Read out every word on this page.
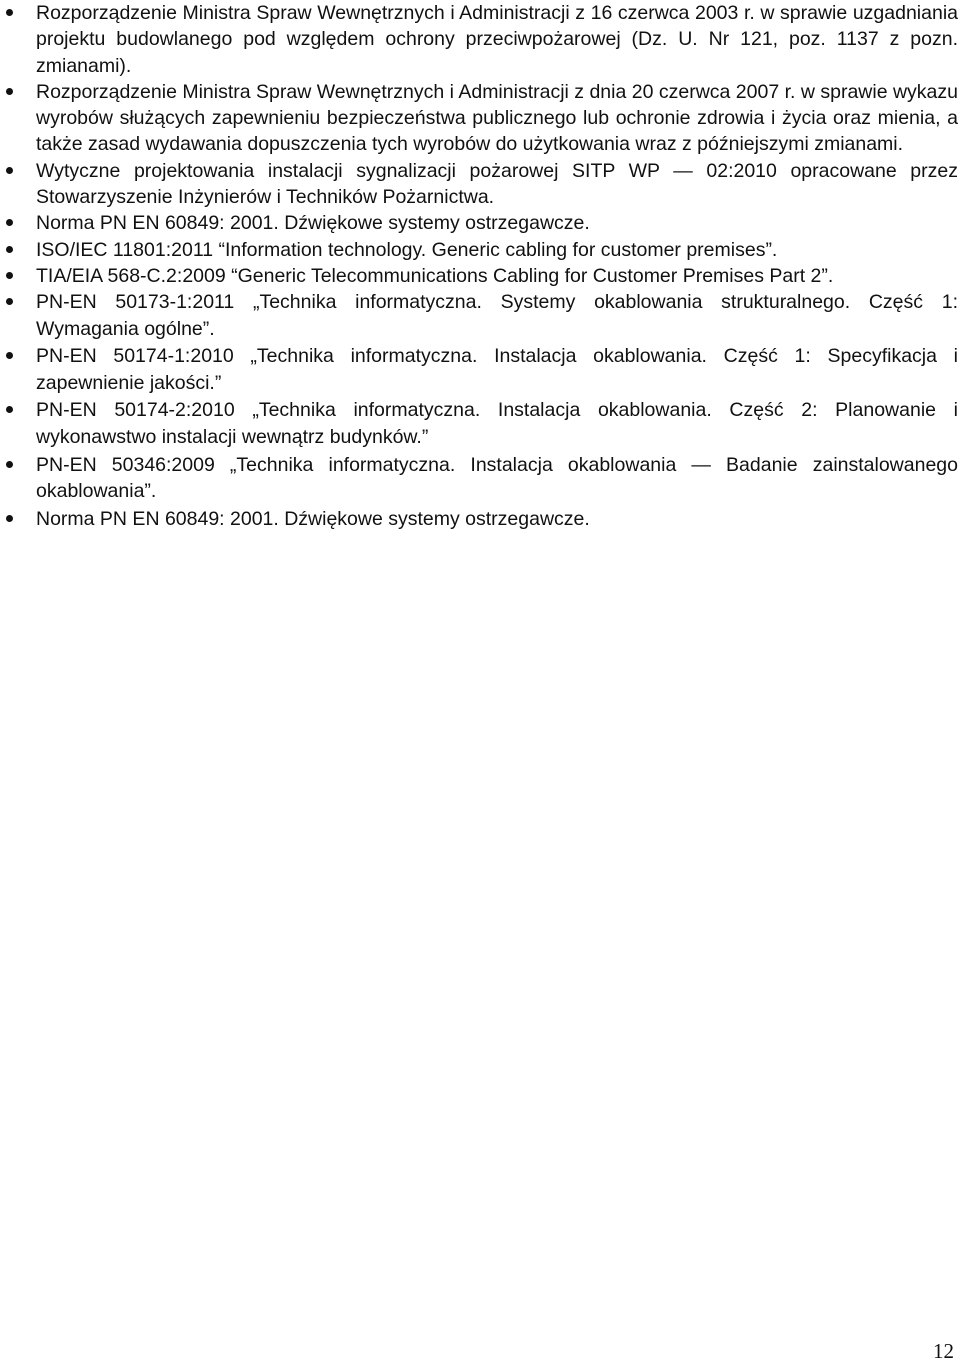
Rozporządzenie Ministra Spraw Wewnętrznych i Administracji z 16 czerwca 2003 r. w sprawie uzgadniania projektu budowlanego pod względem ochrony przeciwpożarowej (Dz. U. Nr 121, poz. 1137 z pozn. zmianami).
Rozporządzenie Ministra Spraw Wewnętrznych i Administracji z dnia 20 czerwca 2007 r. w sprawie wykazu wyrobów służących zapewnieniu bezpieczeństwa publicznego lub ochronie zdrowia i życia oraz mienia, a także zasad wydawania dopuszczenia tych wyrobów do użytkowania wraz z późniejszymi zmianami.
Wytyczne projektowania instalacji sygnalizacji pożarowej SITP WP — 02:2010 opracowane przez Stowarzyszenie Inżynierów i Techników Pożarnictwa.
Norma PN EN 60849: 2001. Dźwiękowe systemy ostrzegawcze.
ISO/IEC 11801:2011 “Information technology. Generic cabling for customer premises”.
TIA/EIA 568-C.2:2009 “Generic Telecommunications Cabling for Customer Premises Part 2”.
PN-EN 50173-1:2011 „Technika informatyczna. Systemy okablowania strukturalnego. Część 1: Wymagania ogólne”.
PN-EN 50174-1:2010 „Technika informatyczna. Instalacja okablowania. Część 1: Specyfikacja i zapewnienie jakości.”
PN-EN 50174-2:2010 „Technika informatyczna. Instalacja okablowania. Część 2: Planowanie i wykonawstwo instalacji wewnątrz budynków.”
PN-EN 50346:2009 „Technika informatyczna. Instalacja okablowania — Badanie zainstalowanego okablowania”.
Norma PN EN 60849: 2001. Dźwiękowe systemy ostrzegawcze.
12
